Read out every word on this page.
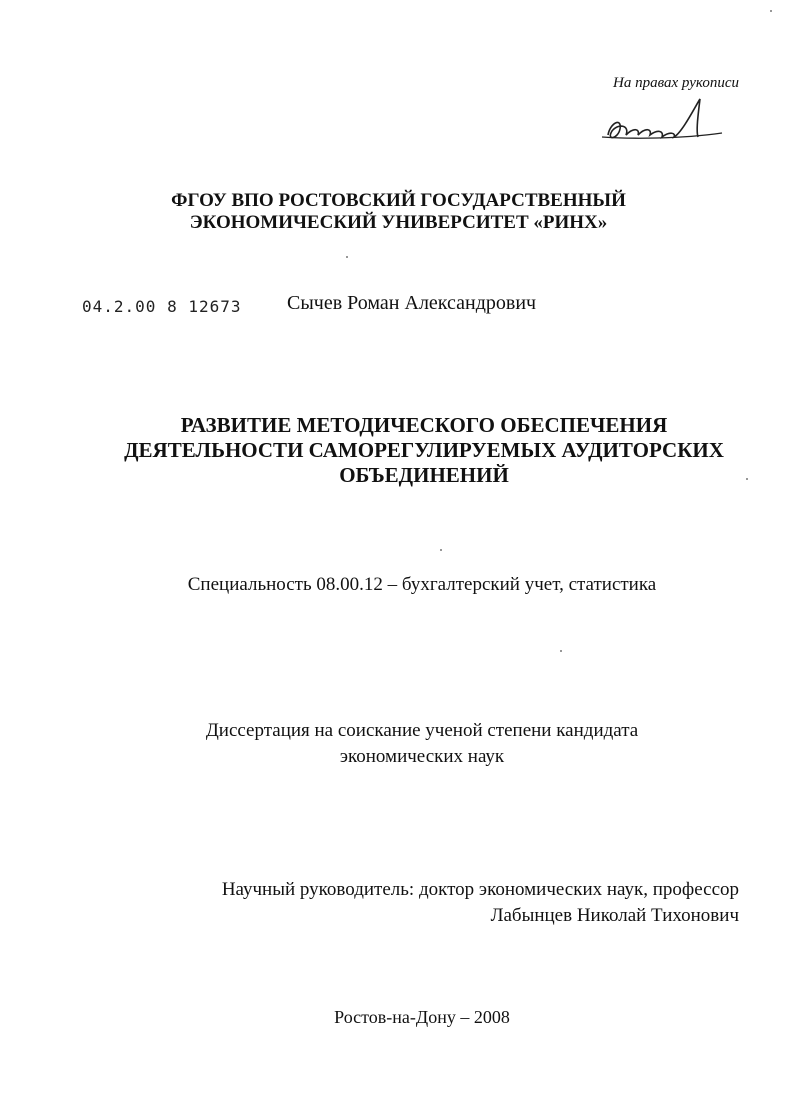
На правах рукописи
ФГОУ ВПО РОСТОВСКИЙ ГОСУДАРСТВЕННЫЙ
ЭКОНОМИЧЕСКИЙ УНИВЕРСИТЕТ «РИНХ»
04.2.00 8 12673 Сычев Роман Александрович
РАЗВИТИЕ МЕТОДИЧЕСКОГО ОБЕСПЕЧЕНИЯ
ДЕЯТЕЛЬНОСТИ САМОРЕГУЛИРУЕМЫХ АУДИТОРСКИХ
ОБЪЕДИНЕНИЙ
Специальность 08.00.12 – бухгалтерский учет, статистика
Диссертация на соискание ученой степени кандидата
экономических наук
Научный руководитель: доктор экономических наук, профессор
Лабынцев Николай Тихонович
Ростов-на-Дону – 2008
